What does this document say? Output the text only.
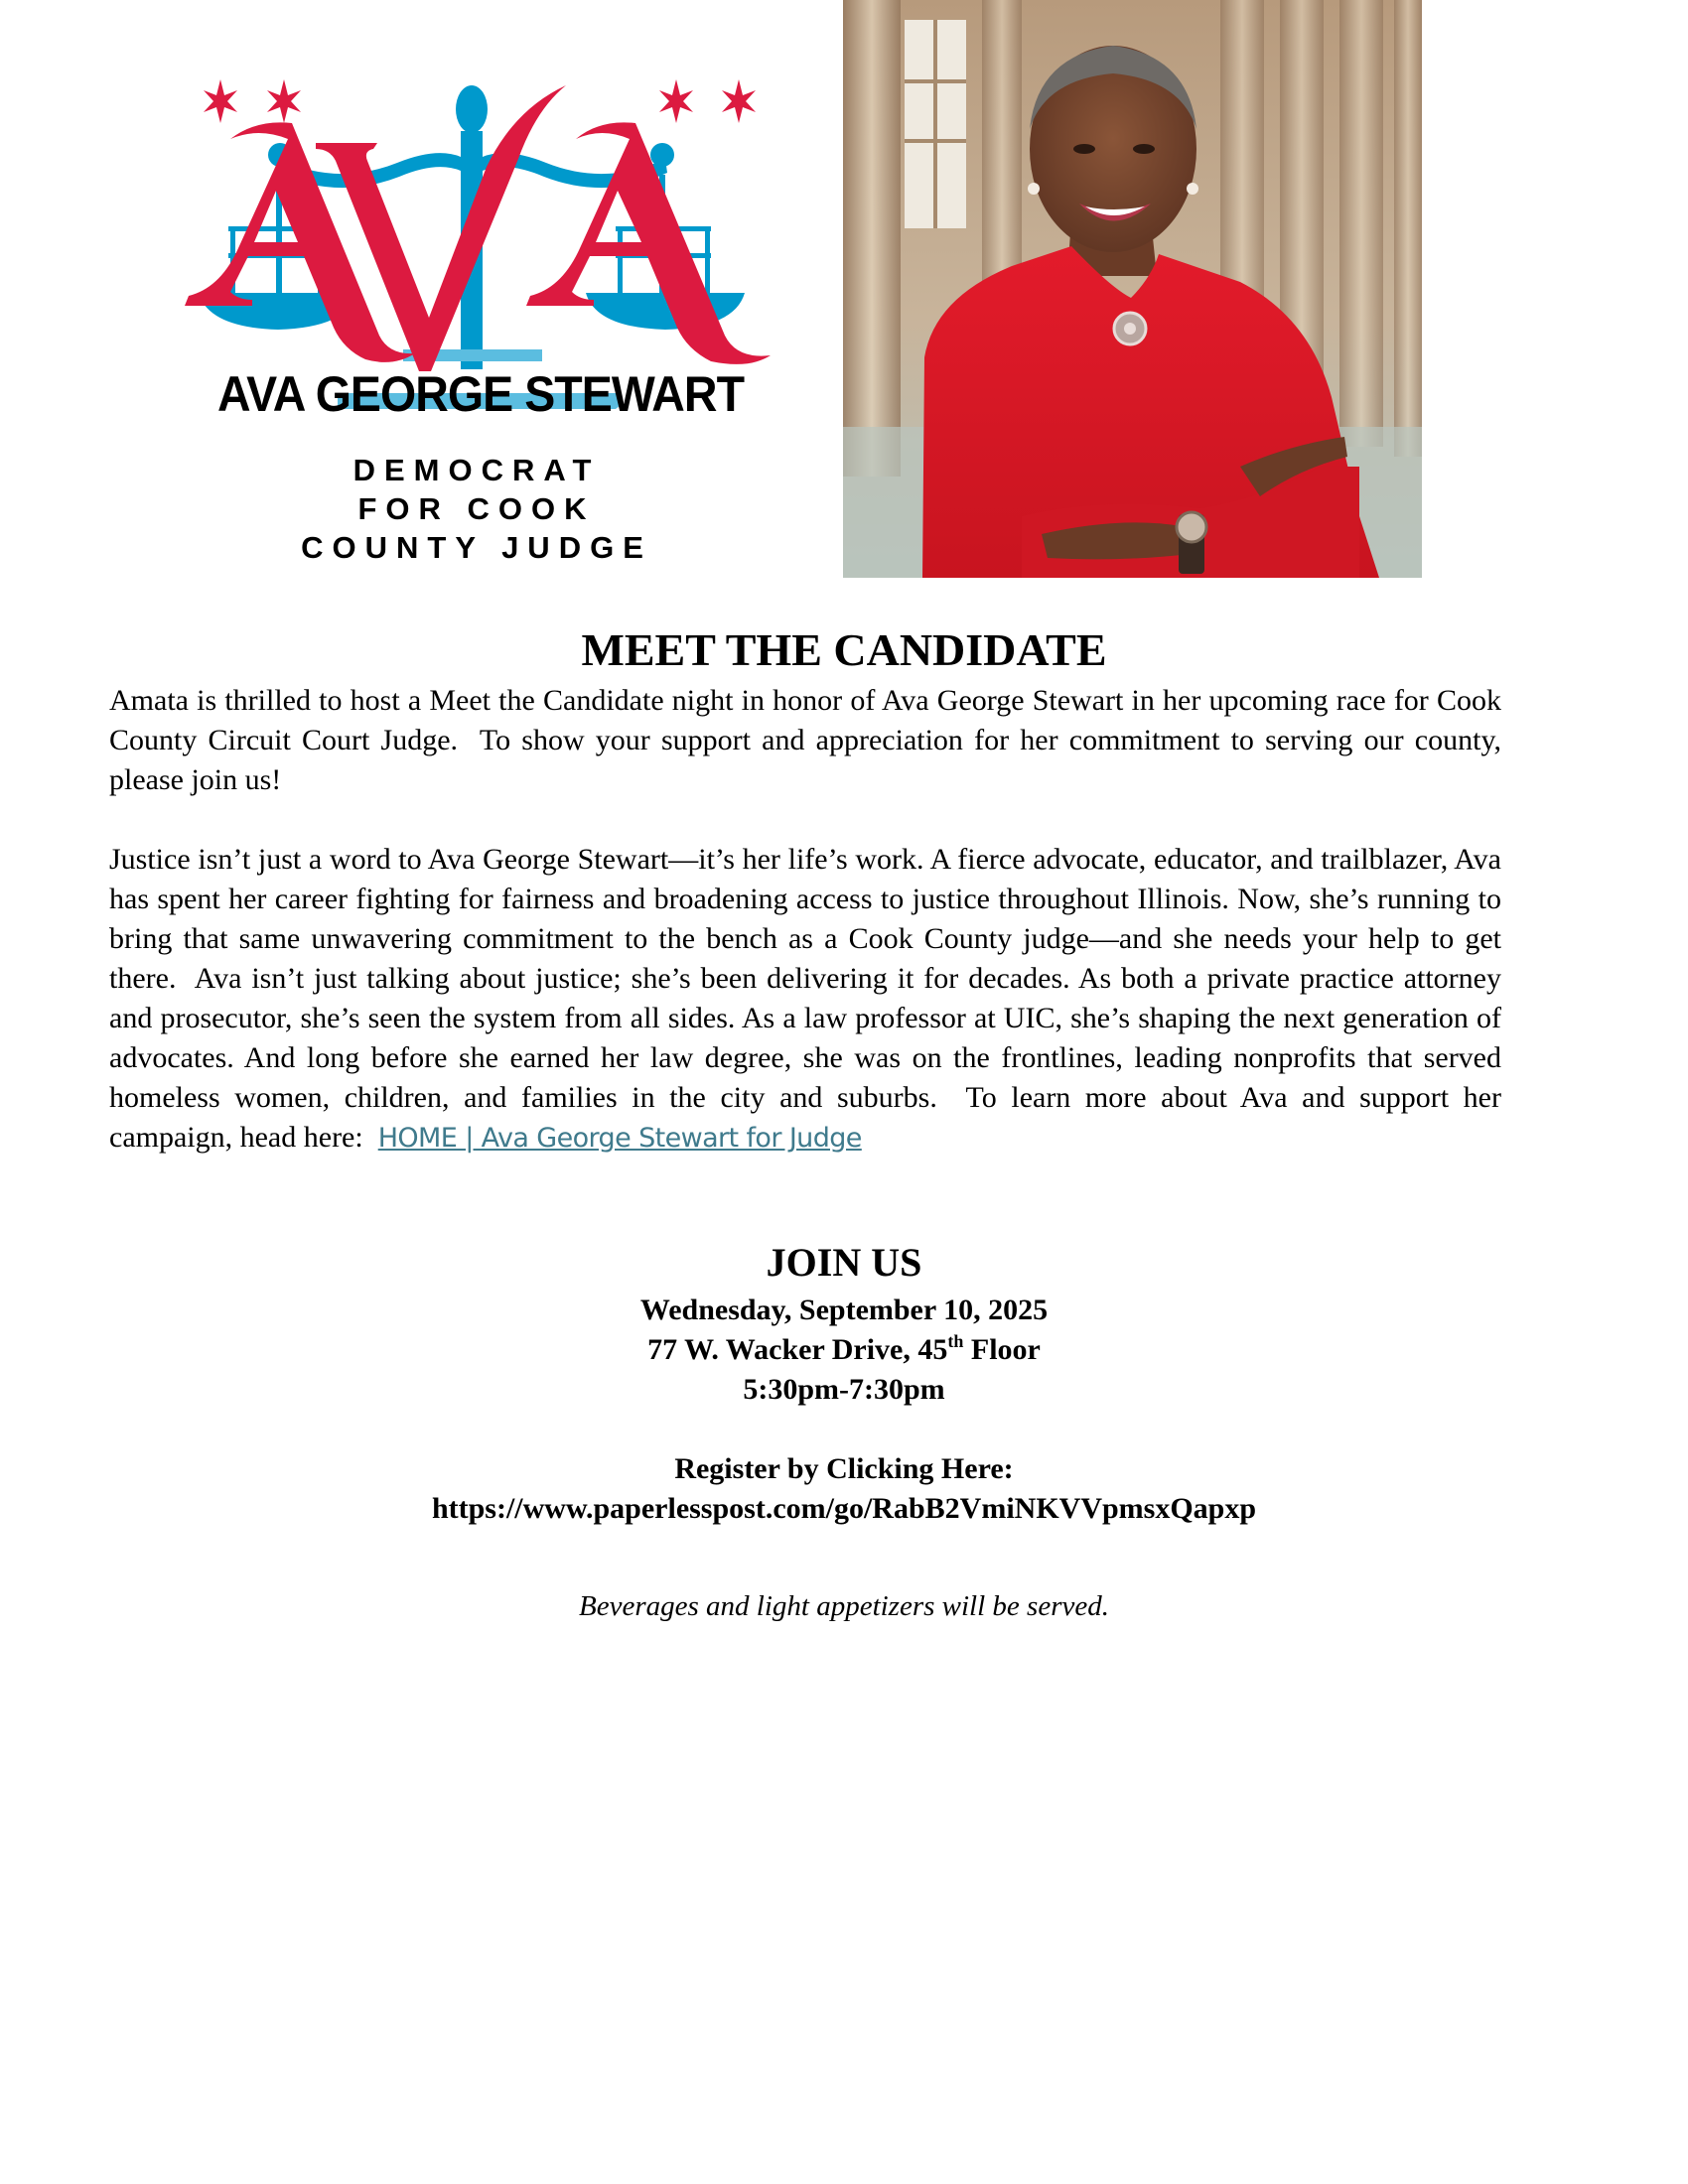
AVA GEORGE STEWART
DEMOCRAT
FOR COOK
COUNTY JUDGE
MEET THE CANDIDATE
Amata is thrilled to host a Meet the Candidate night in honor of Ava George Stewart in her upcoming race for Cook County Circuit Court Judge.  To show your support and appreciation for her commitment to serving our county, please join us!
Justice isn’t just a word to Ava George Stewart—it’s her life’s work. A fierce advocate, educator, and trailblazer, Ava has spent her career fighting for fairness and broadening access to justice throughout Illinois. Now, she’s running to bring that same unwavering commitment to the bench as a Cook County judge—and she needs your help to get there.  Ava isn’t just talking about justice; she’s been delivering it for decades. As both a private practice attorney and prosecutor, she’s seen the system from all sides. As a law professor at UIC, she’s shaping the next generation of advocates. And long before she earned her law degree, she was on the frontlines, leading nonprofits that served homeless women, children, and families in the city and suburbs.  To learn more about Ava and support her campaign, head here:  HOME | Ava George Stewart for Judge
JOIN US
Wednesday, September 10, 2025
77 W. Wacker Drive, 45th Floor
5:30pm-7:30pm
Register by Clicking Here:
https://www.paperlesspost.com/go/RabB2VmiNKVVpmsxQapxp
Beverages and light appetizers will be served.
